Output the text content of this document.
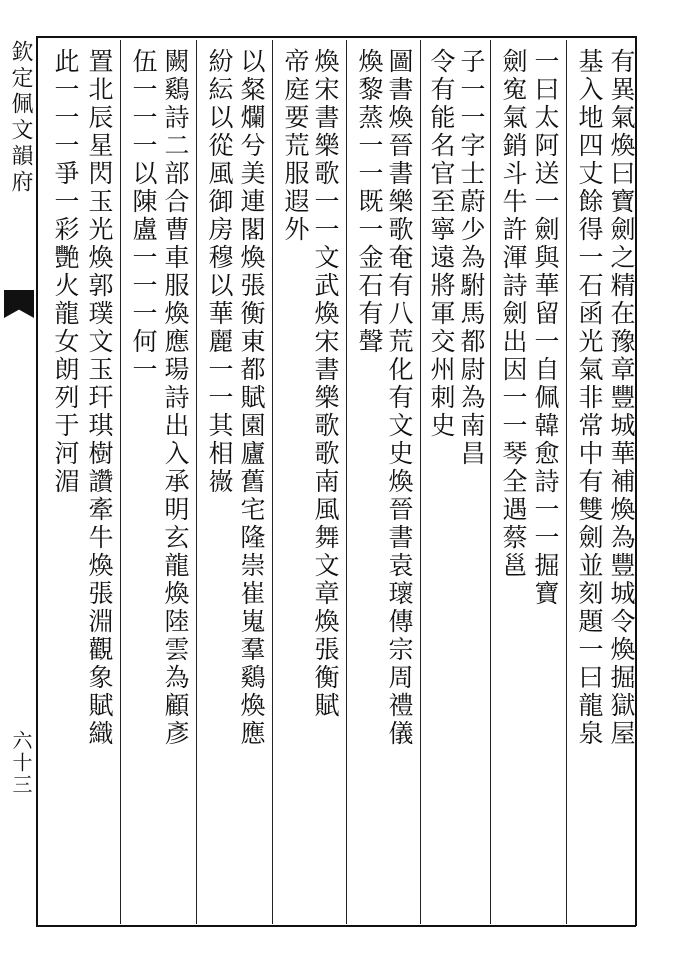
欽定佩文韻府
六十三
有異氣煥曰寶劍之精在豫章豐城華補煥為豐城令煥掘獄屋
基入地四丈餘得一石函光氣非常中有雙劍並刻題一曰龍泉
一曰太阿送一劍與華留一自佩韓愈詩一一掘寶
劍寃氣銷斗牛許渾詩劍出因一一琴全遇蔡邕
子一一字士蔚少為駙馬都尉為南昌
令有能名官至寧遠將軍交州刺史
圖書煥晉書樂歌奄有八荒化有文史煥晉書袁瓌傳宗周禮儀
煥黎蒸一一既一金石有聲
煥宋書樂歌一一文武煥宋書樂歌歌南風舞文章煥張衡賦
帝庭要荒服遐外
以粲爛兮美連閣煥張衡東都賦園廬舊宅隆崇崔嵬羣鷄煥應
紛紜以從風御房穆以華麗一一其相嶶
闕鷄詩二部合曹車服煥應瑒詩出入承明玄龍煥陸雲為顧彥
伍一一一以陳盧一一一何一
置北辰星閃玉光煥郭璞文玉玕琪樹讚牽牛煥張淵觀象賦織
此一一一爭一彩艷火龍女朗列于河湄
